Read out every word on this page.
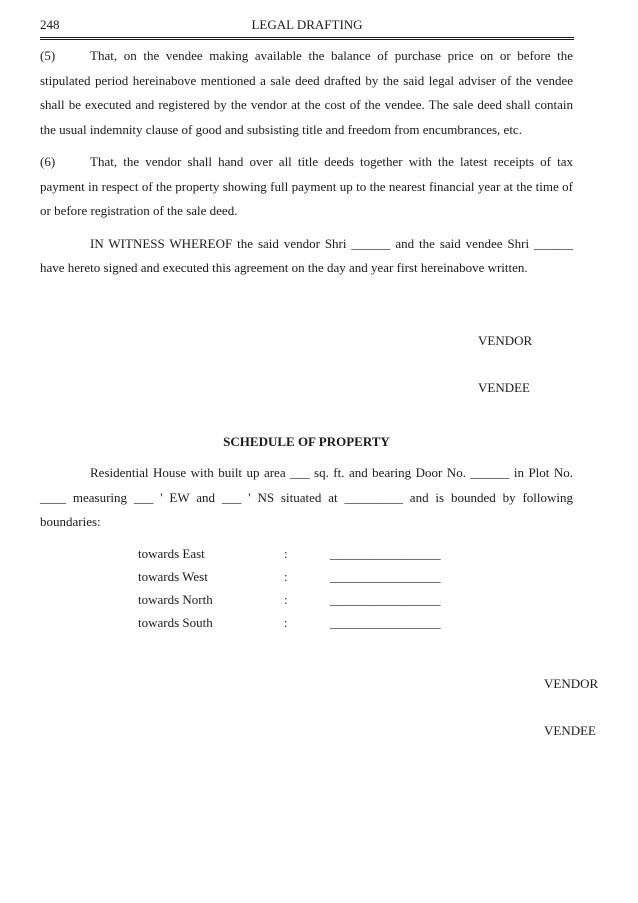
248	LEGAL DRAFTING

(5)	That, on the vendee making available the balance of purchase price on or before the stipulated period hereinabove mentioned a sale deed drafted by the said legal adviser of the vendee shall be executed and registered by the vendor at the cost of the vendee. The sale deed shall contain the usual indemnity clause of good and subsisting title and freedom from encumbrances, etc.

(6)	That, the vendor shall hand over all title deeds together with the latest receipts of tax payment in respect of the property showing full payment up to the nearest financial year at the time of or before registration of the sale deed.

IN WITNESS WHEREOF the said vendor Shri ______ and the said vendee Shri ______ have hereto signed and executed this agreement on the day and year first hereinabove written.

VENDOR
VENDEE
SCHEDULE OF PROPERTY

Residential House with built up area ___ sq. ft. and bearing Door No. ______ in Plot No. ____ measuring ___ ' EW and ___ ' NS situated at _________ and is bounded by following boundaries:

towards East	:	_________________
towards West	:	_________________
towards North	:	_________________
towards South	:	_________________
VENDOR
VENDEE
